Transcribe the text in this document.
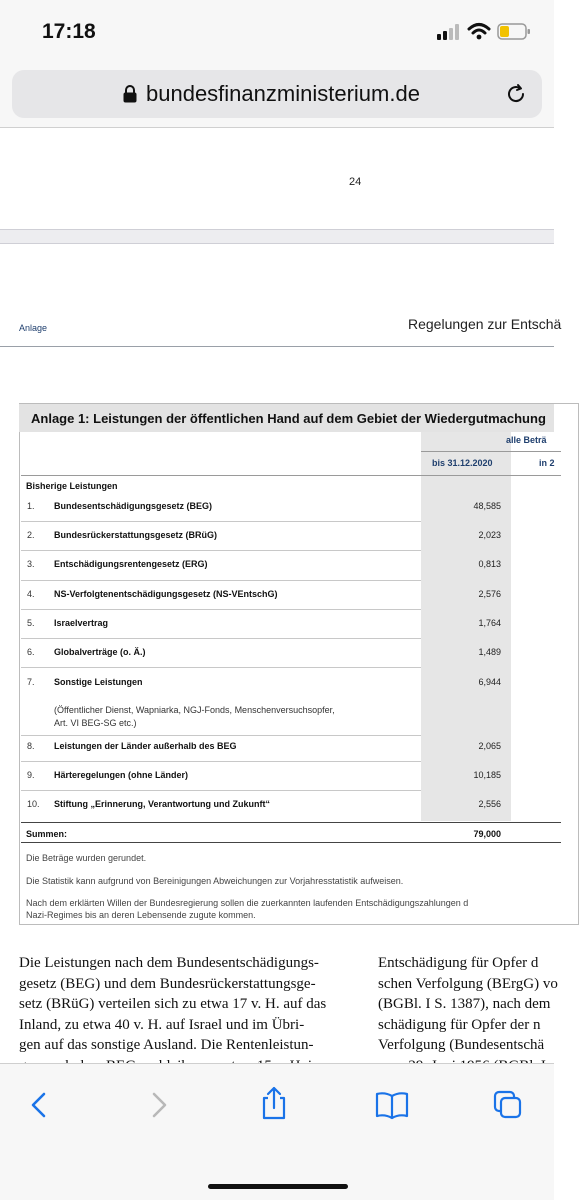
17:18
bundesfinanzministerium.de
24
Anlage	Regelungen zur Entschä
Anlage 1: Leistungen der öffentlichen Hand auf dem Gebiet der Wiedergutmachung
alle Beträ
bis 31.12.2020	in 2
Bisherige Leistungen
1. Bundesentschädigungsgesetz (BEG)	48,585
2. Bundesrückerstattungsgesetz (BRüG)	2,023
3. Entschädigungsrentengesetz (ERG)	0,813
4. NS-Verfolgtenentschädigungsgesetz (NS-VEntschG)	2,576
5. Israelvertrag	1,764
6. Globalverträge (o. Ä.)	1,489
7. Sonstige Leistungen	6,944
(Öffentlicher Dienst, Wapniarka, NGJ-Fonds, Menschenversuchsopfer,
Art. VI BEG-SG etc.)
8. Leistungen der Länder außerhalb des BEG	2,065
9. Härteregelungen (ohne Länder)	10,185
10. Stiftung „Erinnerung, Verantwortung und Zukunft“	2,556
Summen:	79,000
Die Beträge wurden gerundet.
Die Statistik kann aufgrund von Bereinigungen Abweichungen zur Vorjahresstatistik aufweisen.
Nach dem erklärten Willen der Bundesregierung sollen die zuerkannten laufenden Entschädigungszahlungen d
Nazi-Regimes bis an deren Lebensende zugute kommen.
Die Leistungen nach dem Bundesentschädigungs-
gesetz (BEG) und dem Bundesrückerstattungsge-
setz (BRüG) verteilen sich zu etwa 17 v. H. auf das
Inland, zu etwa 40 v. H. auf Israel und im Übri-
gen auf das sonstige Ausland. Die Rentenleistun-

Entschädigung für Opfer d
schen Verfolgung (BErgG) vo
(BGBl. I S. 1387), nach dem
schädigung für Opfer der n
Verfolgung (Bundesentschä
